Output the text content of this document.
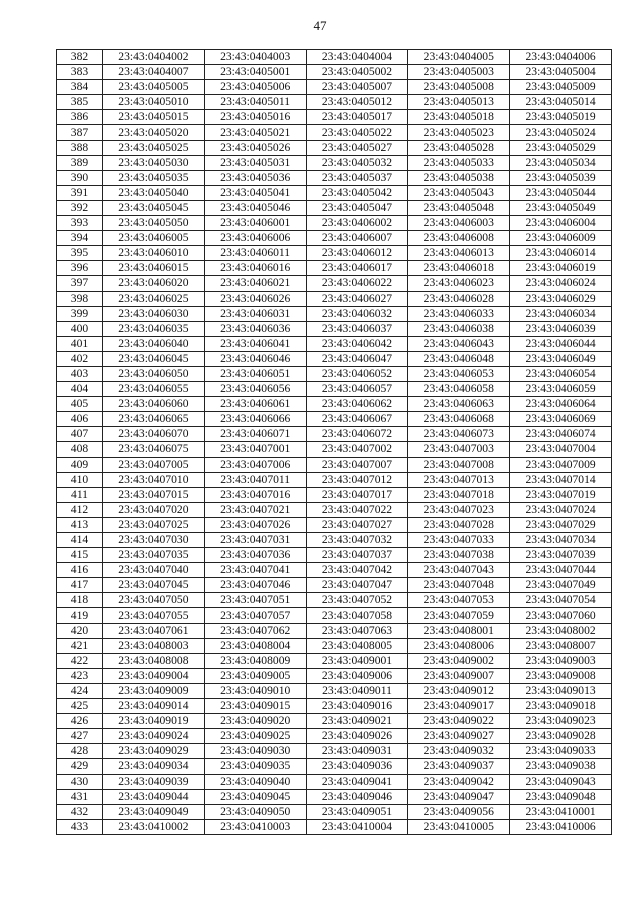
47
382	23:43:0404002	23:43:0404003	23:43:0404004	23:43:0404005	23:43:0404006
383	23:43:0404007	23:43:0405001	23:43:0405002	23:43:0405003	23:43:0405004
384	23:43:0405005	23:43:0405006	23:43:0405007	23:43:0405008	23:43:0405009
385	23:43:0405010	23:43:0405011	23:43:0405012	23:43:0405013	23:43:0405014
386	23:43:0405015	23:43:0405016	23:43:0405017	23:43:0405018	23:43:0405019
387	23:43:0405020	23:43:0405021	23:43:0405022	23:43:0405023	23:43:0405024
388	23:43:0405025	23:43:0405026	23:43:0405027	23:43:0405028	23:43:0405029
389	23:43:0405030	23:43:0405031	23:43:0405032	23:43:0405033	23:43:0405034
390	23:43:0405035	23:43:0405036	23:43:0405037	23:43:0405038	23:43:0405039
391	23:43:0405040	23:43:0405041	23:43:0405042	23:43:0405043	23:43:0405044
392	23:43:0405045	23:43:0405046	23:43:0405047	23:43:0405048	23:43:0405049
393	23:43:0405050	23:43:0406001	23:43:0406002	23:43:0406003	23:43:0406004
394	23:43:0406005	23:43:0406006	23:43:0406007	23:43:0406008	23:43:0406009
395	23:43:0406010	23:43:0406011	23:43:0406012	23:43:0406013	23:43:0406014
396	23:43:0406015	23:43:0406016	23:43:0406017	23:43:0406018	23:43:0406019
397	23:43:0406020	23:43:0406021	23:43:0406022	23:43:0406023	23:43:0406024
398	23:43:0406025	23:43:0406026	23:43:0406027	23:43:0406028	23:43:0406029
399	23:43:0406030	23:43:0406031	23:43:0406032	23:43:0406033	23:43:0406034
400	23:43:0406035	23:43:0406036	23:43:0406037	23:43:0406038	23:43:0406039
401	23:43:0406040	23:43:0406041	23:43:0406042	23:43:0406043	23:43:0406044
402	23:43:0406045	23:43:0406046	23:43:0406047	23:43:0406048	23:43:0406049
403	23:43:0406050	23:43:0406051	23:43:0406052	23:43:0406053	23:43:0406054
404	23:43:0406055	23:43:0406056	23:43:0406057	23:43:0406058	23:43:0406059
405	23:43:0406060	23:43:0406061	23:43:0406062	23:43:0406063	23:43:0406064
406	23:43:0406065	23:43:0406066	23:43:0406067	23:43:0406068	23:43:0406069
407	23:43:0406070	23:43:0406071	23:43:0406072	23:43:0406073	23:43:0406074
408	23:43:0406075	23:43:0407001	23:43:0407002	23:43:0407003	23:43:0407004
409	23:43:0407005	23:43:0407006	23:43:0407007	23:43:0407008	23:43:0407009
410	23:43:0407010	23:43:0407011	23:43:0407012	23:43:0407013	23:43:0407014
411	23:43:0407015	23:43:0407016	23:43:0407017	23:43:0407018	23:43:0407019
412	23:43:0407020	23:43:0407021	23:43:0407022	23:43:0407023	23:43:0407024
413	23:43:0407025	23:43:0407026	23:43:0407027	23:43:0407028	23:43:0407029
414	23:43:0407030	23:43:0407031	23:43:0407032	23:43:0407033	23:43:0407034
415	23:43:0407035	23:43:0407036	23:43:0407037	23:43:0407038	23:43:0407039
416	23:43:0407040	23:43:0407041	23:43:0407042	23:43:0407043	23:43:0407044
417	23:43:0407045	23:43:0407046	23:43:0407047	23:43:0407048	23:43:0407049
418	23:43:0407050	23:43:0407051	23:43:0407052	23:43:0407053	23:43:0407054
419	23:43:0407055	23:43:0407057	23:43:0407058	23:43:0407059	23:43:0407060
420	23:43:0407061	23:43:0407062	23:43:0407063	23:43:0408001	23:43:0408002
421	23:43:0408003	23:43:0408004	23:43:0408005	23:43:0408006	23:43:0408007
422	23:43:0408008	23:43:0408009	23:43:0409001	23:43:0409002	23:43:0409003
423	23:43:0409004	23:43:0409005	23:43:0409006	23:43:0409007	23:43:0409008
424	23:43:0409009	23:43:0409010	23:43:0409011	23:43:0409012	23:43:0409013
425	23:43:0409014	23:43:0409015	23:43:0409016	23:43:0409017	23:43:0409018
426	23:43:0409019	23:43:0409020	23:43:0409021	23:43:0409022	23:43:0409023
427	23:43:0409024	23:43:0409025	23:43:0409026	23:43:0409027	23:43:0409028
428	23:43:0409029	23:43:0409030	23:43:0409031	23:43:0409032	23:43:0409033
429	23:43:0409034	23:43:0409035	23:43:0409036	23:43:0409037	23:43:0409038
430	23:43:0409039	23:43:0409040	23:43:0409041	23:43:0409042	23:43:0409043
431	23:43:0409044	23:43:0409045	23:43:0409046	23:43:0409047	23:43:0409048
432	23:43:0409049	23:43:0409050	23:43:0409051	23:43:0409056	23:43:0410001
433	23:43:0410002	23:43:0410003	23:43:0410004	23:43:0410005	23:43:0410006
